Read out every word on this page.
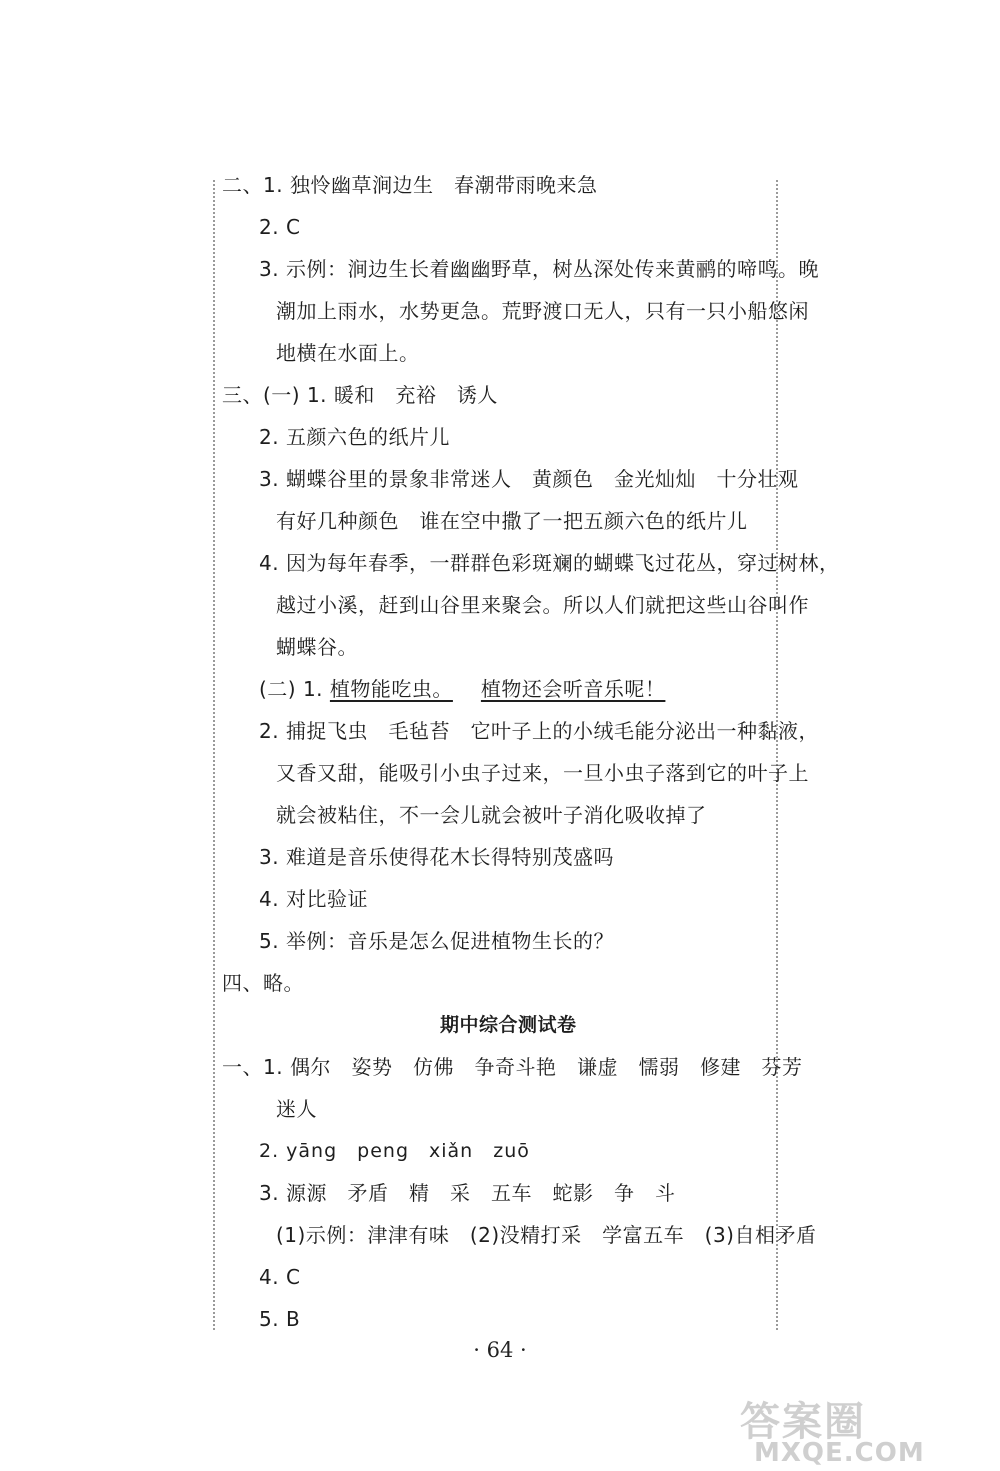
二、1. 独怜幽草涧边生　春潮带雨晚来急
2. C
3. 示例：涧边生长着幽幽野草，树丛深处传来黄鹂的啼鸣。晚
潮加上雨水，水势更急。荒野渡口无人，只有一只小船悠闲
地横在水面上。
三、(一) 1. 暖和　充裕　诱人
2. 五颜六色的纸片儿
3. 蝴蝶谷里的景象非常迷人　黄颜色　金光灿灿　十分壮观
有好几种颜色　谁在空中撒了一把五颜六色的纸片儿
4. 因为每年春季，一群群色彩斑斓的蝴蝶飞过花丛，穿过树林，
越过小溪，赶到山谷里来聚会。所以人们就把这些山谷叫作
蝴蝶谷。
(二) 1. 植物能吃虫。 植物还会听音乐呢！
2. 捕捉飞虫　毛毡苔　它叶子上的小绒毛能分泌出一种黏液，
又香又甜，能吸引小虫子过来，一旦小虫子落到它的叶子上
就会被粘住，不一会儿就会被叶子消化吸收掉了
3. 难道是音乐使得花木长得特别茂盛吗
4. 对比验证
5. 举例：音乐是怎么促进植物生长的？
四、略。
期中综合测试卷
一、1. 偶尔　姿势　仿佛　争奇斗艳　谦虚　懦弱　修建　芬芳
迷人
2. yāng　peng　xiǎn　zuō
3. 源源　矛盾　精　采　五车　蛇影　争　斗
(1)示例：津津有味　(2)没精打采　学富五车　(3)自相矛盾
4. C
5. B
· 64 ·
答案圈
MXQE.COM
